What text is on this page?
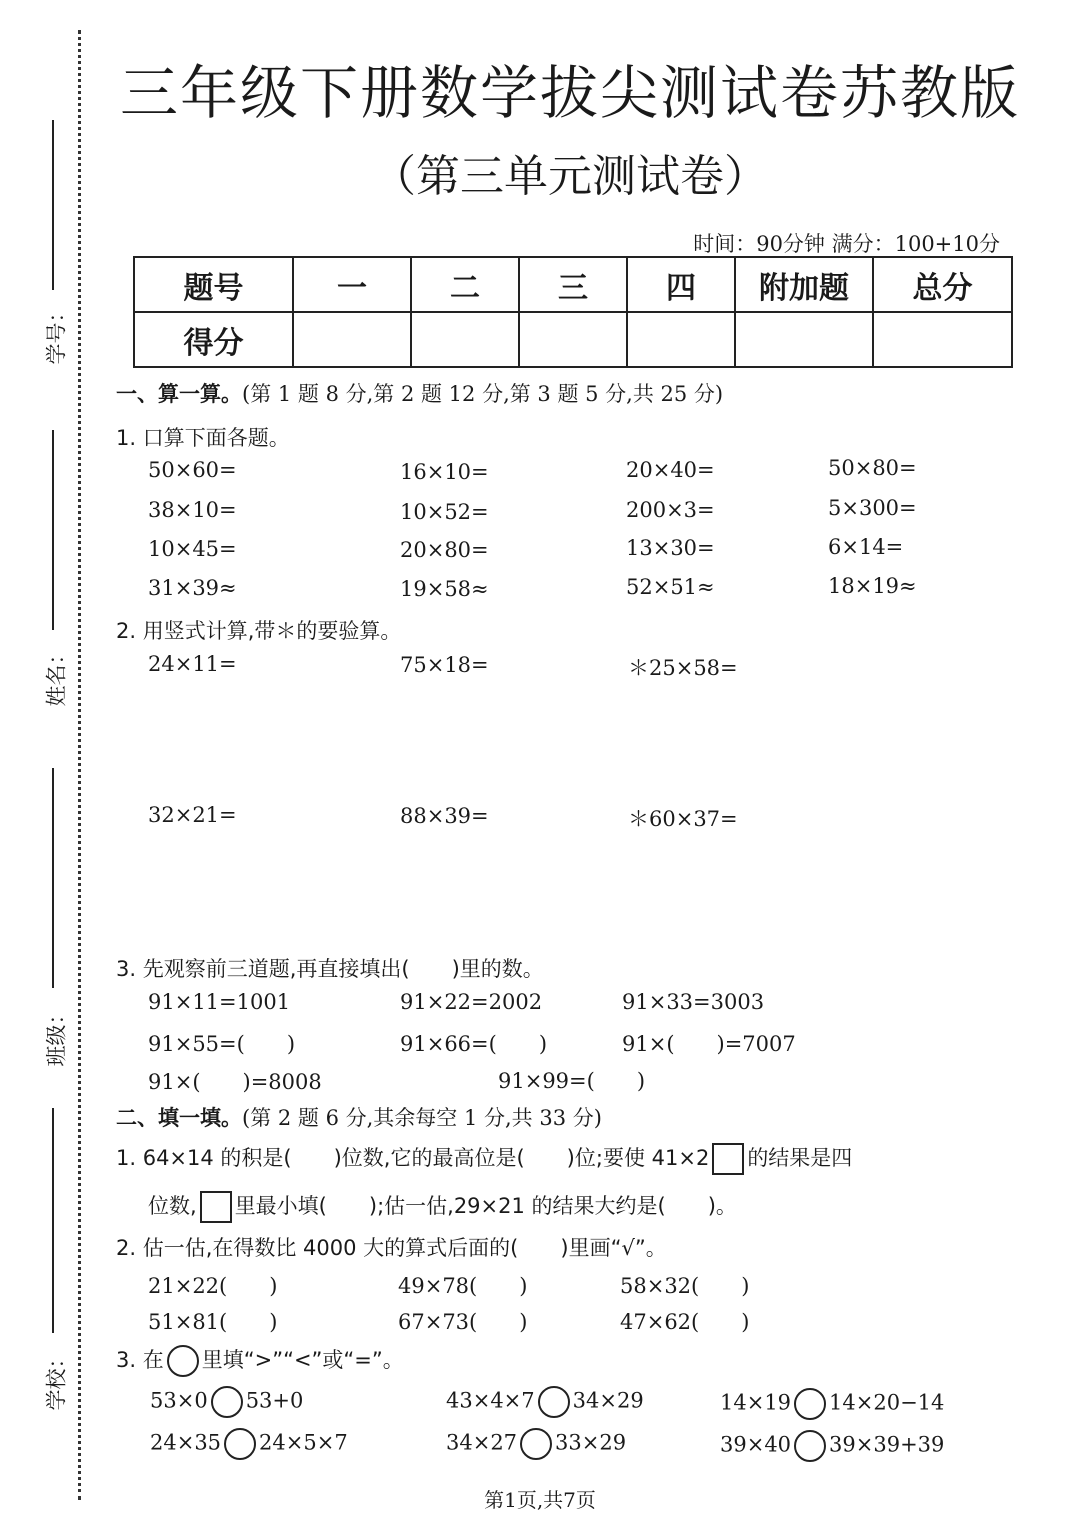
学号：
姓名：
班级：
学校：
三年级下册数学拔尖测试卷苏教版
（第三单元测试卷）
时间：90分钟 满分：100+10分
题号	一	二	三	四	附加题	总分
得分						
一、算一算。(第 1 题 8 分,第 2 题 12 分,第 3 题 5 分,共 25 分)
1. 口算下面各题。
50×60=	16×10=	20×40=	50×80=
38×10=	10×52=	200×3=	5×300=
10×45=	20×80=	13×30=	6×14=
31×39≈	19×58≈	52×51≈	18×19≈
2. 用竖式计算,带＊的要验算。
24×11=	75×18=	＊25×58=
32×21=	88×39=	＊60×37=
3. 先观察前三道题,再直接填出(　　)里的数。
91×11=1001	91×22=2002	91×33=3003
91×55=(　　)	91×66=(　　)	91×(　　)=7007
91×(　　)=8008	91×99=(　　)
二、填一填。(第 2 题 6 分,其余每空 1 分,共 33 分)
1. 64×14 的积是(　　)位数,它的最高位是(　　)位;要使 41×2 的结果是四
位数, 里最小填(　　);估一估,29×21 的结果大约是(　　)。
2. 估一估,在得数比 4000 大的算式后面的(　　)里画“√”。
21×22(　　)	49×78(　　)	58×32(　　)
51×81(　　)	67×73(　　)	47×62(　　)
3. 在 里填“>”“<”或“=”。
53×0 53+0	43×4×7 34×29	14×19 14×20−14
24×35 24×5×7	34×27 33×29	39×40 39×39+39
第1页,共7页
